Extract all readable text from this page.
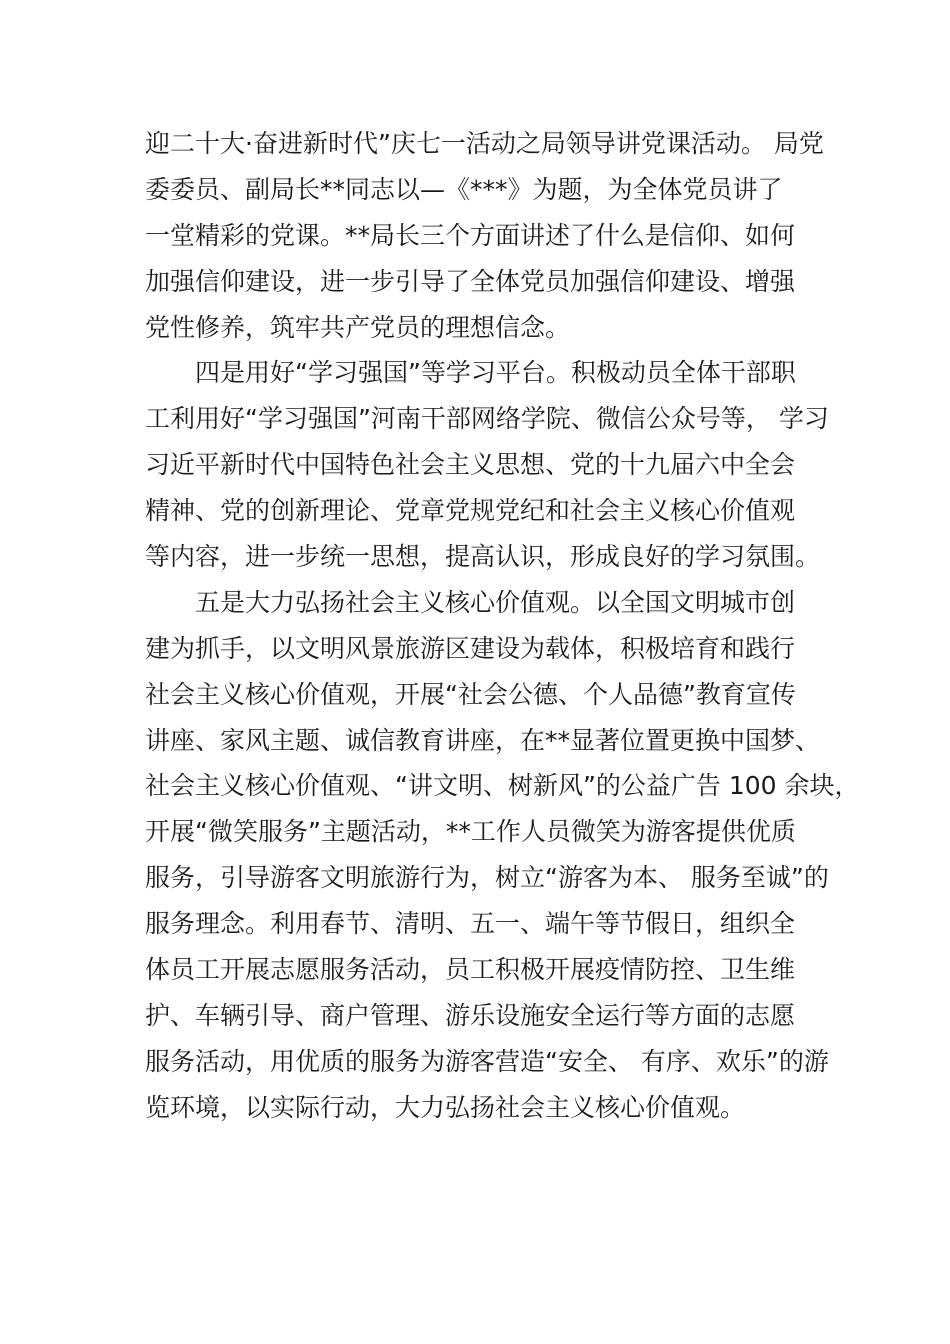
迎二十大·奋进新时代”庆七一活动之局领导讲党课活动。 局党
委委员、副局长**同志以—《***》为题，为全体党员讲了
一堂精彩的党课。**局长三个方面讲述了什么是信仰、如何
加强信仰建设，进一步引导了全体党员加强信仰建设、增强
党性修养，筑牢共产党员的理想信念。
四是用好“学习强国”等学习平台。积极动员全体干部职
工利用好“学习强国”河南干部网络学院、微信公众号等， 学习
习近平新时代中国特色社会主义思想、党的十九届六中全会
精神、党的创新理论、党章党规党纪和社会主义核心价值观
等内容，进一步统一思想，提高认识，形成良好的学习氛围。
五是大力弘扬社会主义核心价值观。以全国文明城市创
建为抓手，以文明风景旅游区建设为载体，积极培育和践行
社会主义核心价值观，开展“社会公德、个人品德”教育宣传
讲座、家风主题、诚信教育讲座，在**显著位置更换中国梦、
社会主义核心价值观、“讲文明、树新风”的公益广告 100 余块，
开展“微笑服务”主题活动，**工作人员微笑为游客提供优质
服务，引导游客文明旅游行为，树立“游客为本、 服务至诚”的
服务理念。利用春节、清明、五一、端午等节假日，组织全
体员工开展志愿服务活动，员工积极开展疫情防控、卫生维
护、车辆引导、商户管理、游乐设施安全运行等方面的志愿
服务活动，用优质的服务为游客营造“安全、 有序、欢乐”的游
览环境，以实际行动，大力弘扬社会主义核心价值观。
